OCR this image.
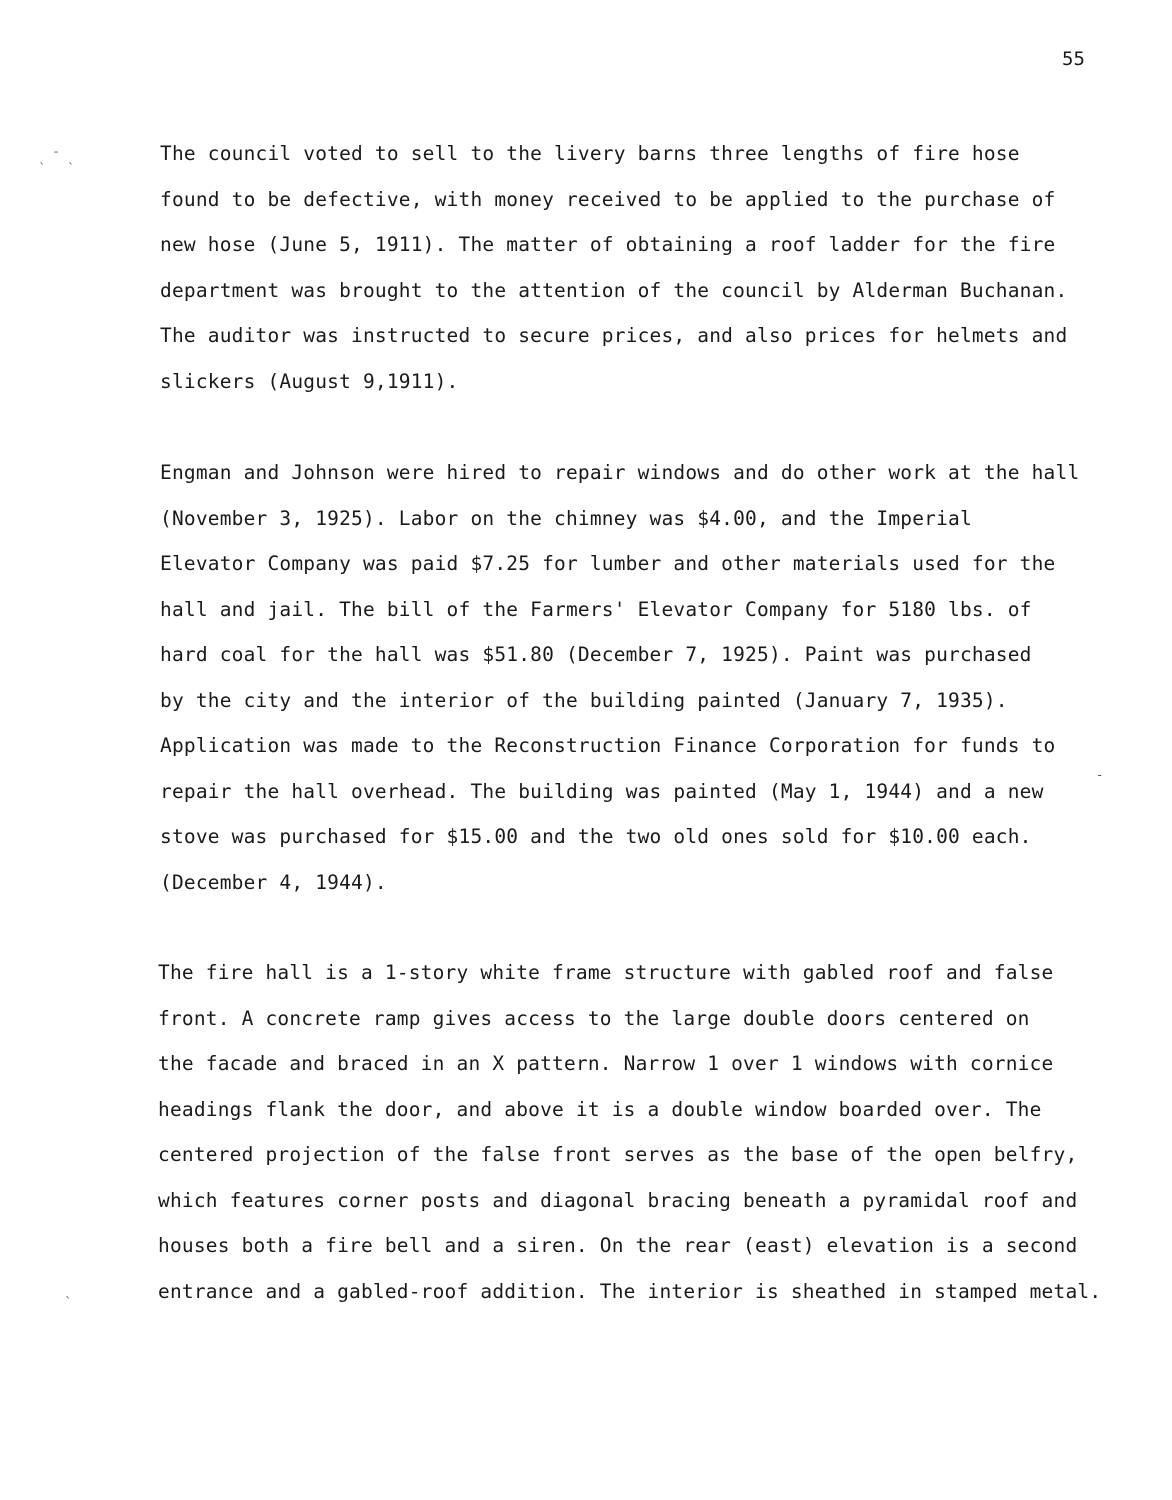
55
ˎ ˉ ˎ
ˎ
-
The council voted to sell to the livery barns three lengths of fire hose
found to be defective, with money received to be applied to the purchase of
new hose (June 5, 1911). The matter of obtaining a roof ladder for the fire
department was brought to the attention of the council by Alderman Buchanan.
The auditor was instructed to secure prices, and also prices for helmets and
slickers (August 9,1911).
Engman and Johnson were hired to repair windows and do other work at the hall
(November 3, 1925). Labor on the chimney was $4.00, and the Imperial
Elevator Company was paid $7.25 for lumber and other materials used for the
hall and jail. The bill of the Farmers' Elevator Company for 5180 lbs. of
hard coal for the hall was $51.80 (December 7, 1925). Paint was purchased
by the city and the interior of the building painted (January 7, 1935).
Application was made to the Reconstruction Finance Corporation for funds to
repair the hall overhead. The building was painted (May 1, 1944) and a new
stove was purchased for $15.00 and the two old ones sold for $10.00 each.
(December 4, 1944).
The fire hall is a 1-story white frame structure with gabled roof and false
front. A concrete ramp gives access to the large double doors centered on
the facade and braced in an X pattern. Narrow 1 over 1 windows with cornice
headings flank the door, and above it is a double window boarded over. The
centered projection of the false front serves as the base of the open belfry,
which features corner posts and diagonal bracing beneath a pyramidal roof and
houses both a fire bell and a siren. On the rear (east) elevation is a second
entrance and a gabled-roof addition. The interior is sheathed in stamped metal.
